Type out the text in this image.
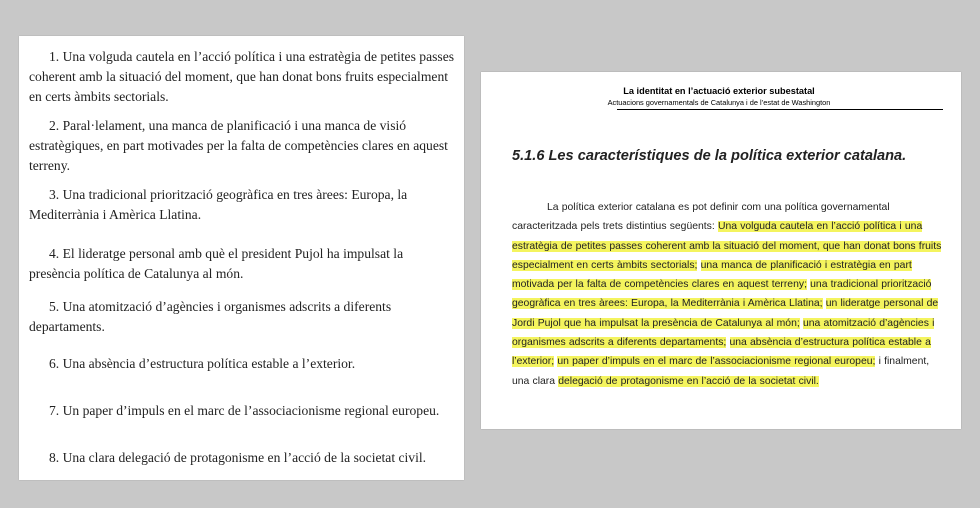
1. Una volguda cautela en l’acció política i una estratègia de petites passes coherent amb la situació del moment, que han donat bons fruits especialment en certs àmbits sectorials.

2. Paral·lelament, una manca de planificació i una manca de visió estratègiques, en part motivades per la falta de competències clares en aquest terreny.

3. Una tradicional priorització geogràfica en tres àrees: Europa, la Mediterrània i Amèrica Llatina.

4. El lideratge personal amb què el president Pujol ha impulsat la presència política de Catalunya al món.

5. Una atomització d’agències i organismes adscrits a diferents departaments.

6. Una absència d’estructura política estable a l’exterior.

7. Un paper d’impuls en el marc de l’associacionisme regional europeu.

8. Una clara delegació de protagonisme en l’acció de la societat civil.

La identitat en l’actuació exterior subestatal

Actuacions governamentals de Catalunya i de l’estat de Washington

5.1.6 Les característiques de la política exterior catalana.

La política exterior catalana es pot definir com una política governamental caracteritzada pels trets distintius següents: Una volguda cautela en l’acció política i una estratègia de petites passes coherent amb la situació del moment, que han donat bons fruits especialment en certs àmbits sectorials; una manca de planificació i estratègia en part motivada per la falta de competències clares en aquest terreny; una tradicional priorització geogràfica en tres àrees: Europa, la Mediterrània i Amèrica Llatina; un lideratge personal de Jordi Pujol que ha impulsat la presència de Catalunya al món; una atomització d’agències i organismes adscrits a diferents departaments; una absència d’estructura política estable a l’exterior; un paper d’impuls en el marc de l’associacionisme regional europeu; i finalment, una clara delegació de protagonisme en l’acció de la societat civil.
